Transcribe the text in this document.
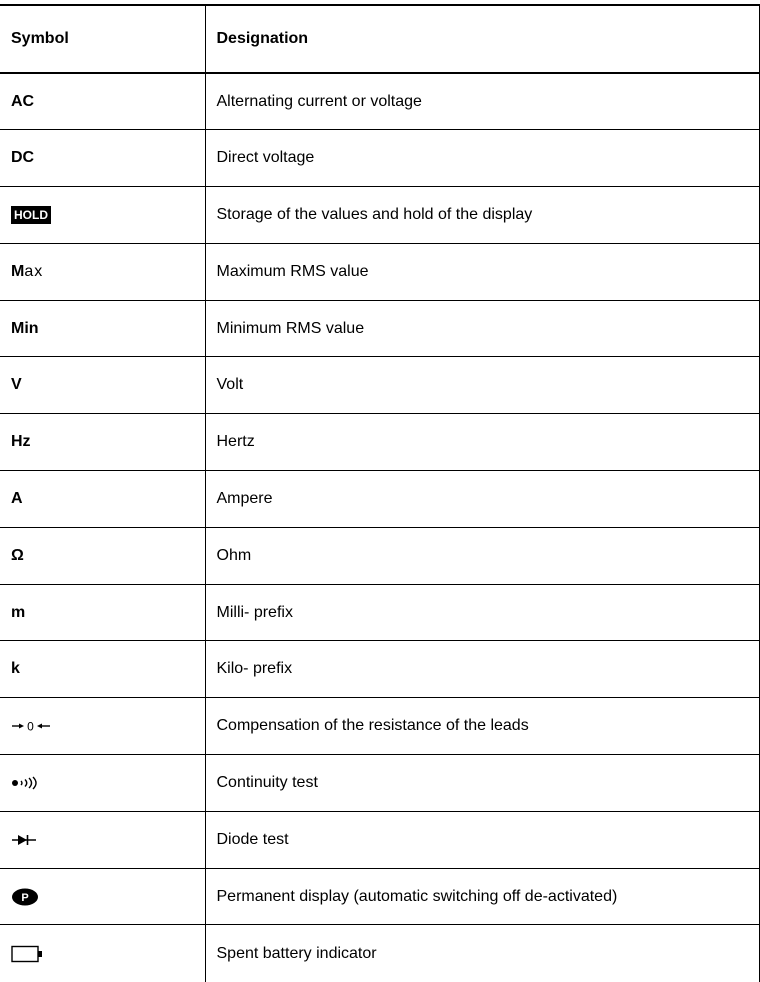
Symbol	Designation
AC	Alternating current or voltage
DC	Direct voltage
HOLD	Storage of the values and hold of the display
Max	Maximum RMS value
Min	Minimum RMS value
V	Volt
Hz	Hertz
A	Ampere
Ω	Ohm
m	Milli- prefix
k	Kilo- prefix

0	Compensation of the resistance of the leads

	Continuity test

	Diode test

P	Permanent display (automatic switching off de-activated)

	Spent battery indicator
